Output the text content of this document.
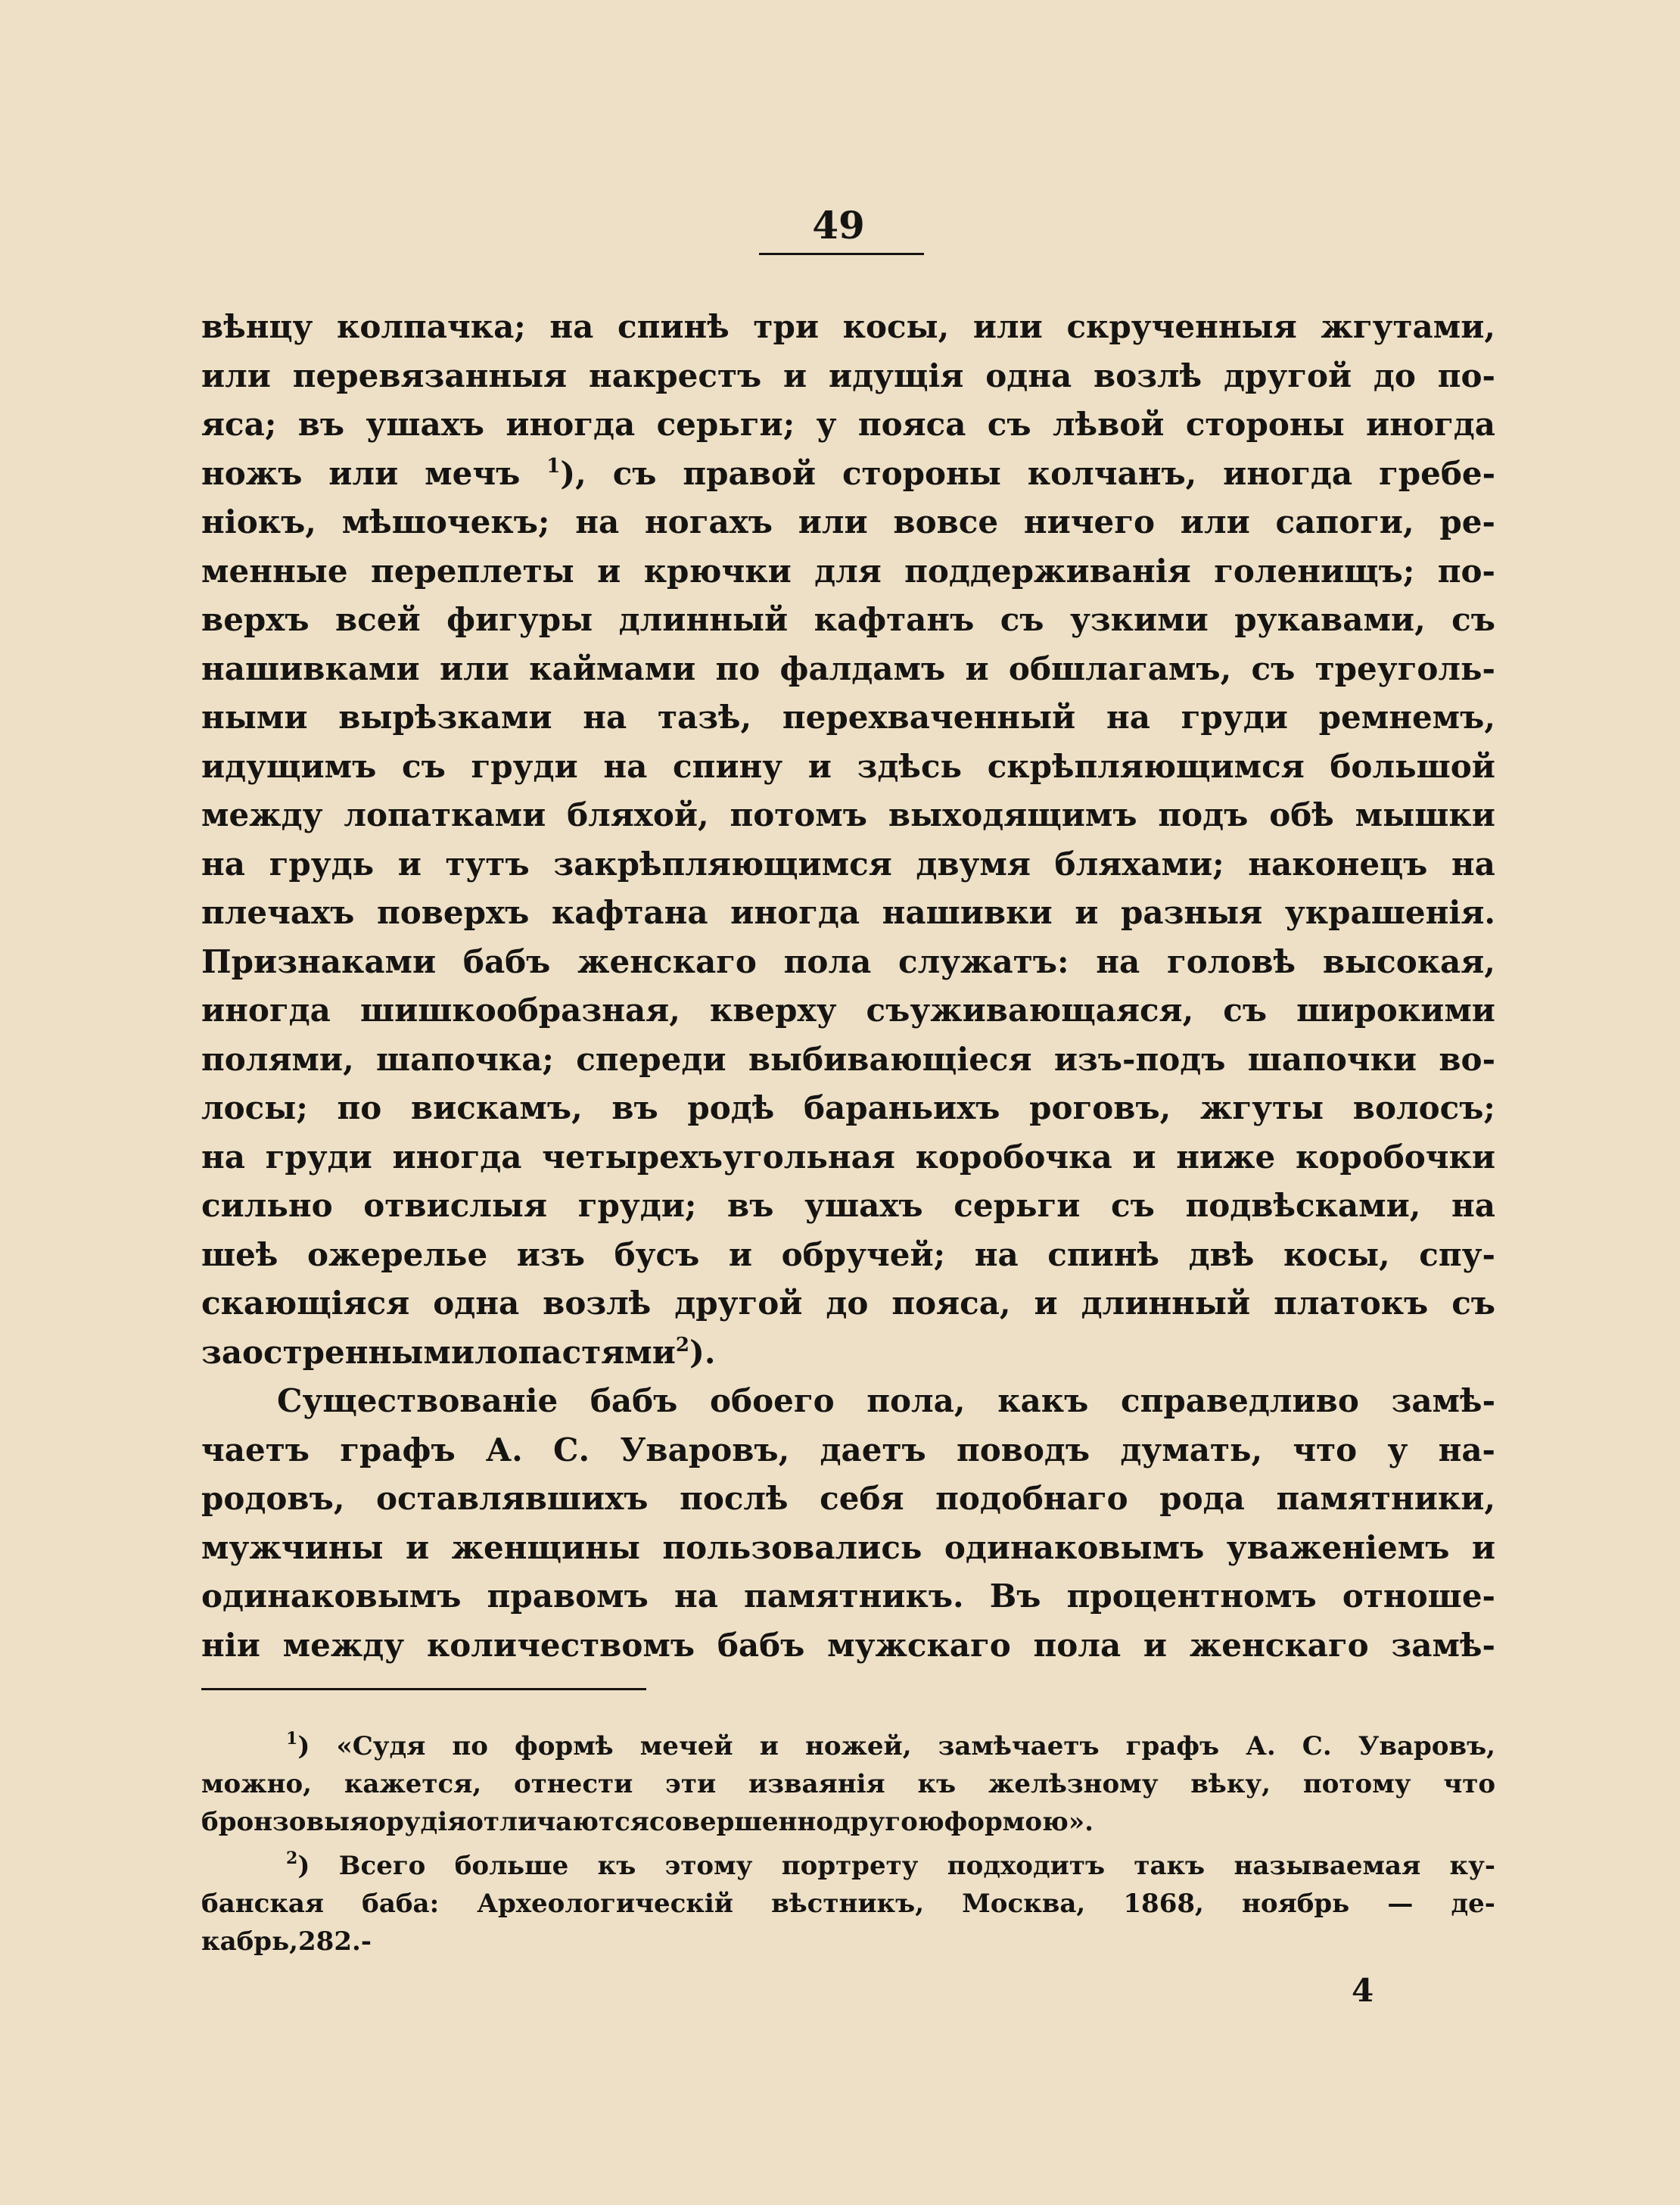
49
вѣнцу колпачка; на спинѣ три косы, или скрученныя жгутами,
или перевязанныя накрестъ и идущія одна возлѣ другой до по-
яса; въ ушахъ иногда серьги; у пояса съ лѣвой стороны иногда
ножъ или мечъ $^1$), съ правой стороны колчанъ, иногда гребе-
ніокъ, мѣшочекъ; на ногахъ или вовсе ничего или сапоги, ре-
менные переплеты и крючки для поддерживанія голенищъ; по-
верхъ всей фигуры длинный кафтанъ съ узкими рукавами, съ
нашивками или каймами по фалдамъ и обшлагамъ, съ треуголь-
ными вырѣзками на тазѣ, перехваченный на груди ремнемъ,
идущимъ съ груди на спину и здѣсь скрѣпляющимся большой
между лопатками бляхой, потомъ выходящимъ подъ обѣ мышки
на грудь и тутъ закрѣпляющимся двумя бляхами; наконецъ на
плечахъ поверхъ кафтана иногда нашивки и разныя украшенія.
Признаками бабъ женскаго пола служатъ: на головѣ высокая,
иногда шишкообразная, кверху съуживающаяся, съ широкими
полями, шапочка; спереди выбивающіеся изъ-подъ шапочки во-
лосы; по вискамъ, въ родѣ бараньихъ роговъ, жгуты волосъ;
на груди иногда четырехъугольная коробочка и ниже коробочки
сильно отвислыя груди; въ ушахъ серьги съ подвѣсками, на
шеѣ ожерелье изъ бусъ и обручей; на спинѣ двѣ косы, спу-
скающіяся одна возлѣ другой до пояса, и длинный платокъ съ
заостренными лопастями $^2$).
Существованіе бабъ обоего пола, какъ справедливо замѣ-
чаетъ графъ А. С. Уваровъ, даетъ поводъ думать, что у на-
родовъ, оставлявшихъ послѣ себя подобнаго рода памятники,
мужчины и женщины пользовались одинаковымъ уваженіемъ и
одинаковымъ правомъ на памятникъ. Въ процентномъ отноше-
ніи между количествомъ бабъ мужскаго пола и женскаго замѣ-
$^1$) «Судя по формѣ мечей и ножей, замѣчаетъ графъ А. С. Уваровъ,
можно, кажется, отнести эти изваянія къ желѣзному вѣку, потому что
бронзовыя орудія отличаются совершенно другою формою».
$^2$) Всего больше къ этому портрету подходитъ такъ называемая ку-
банская баба: Археологическій вѣстникъ, Москва, 1868, ноябрь — де-
кабрь, 282. -
4
